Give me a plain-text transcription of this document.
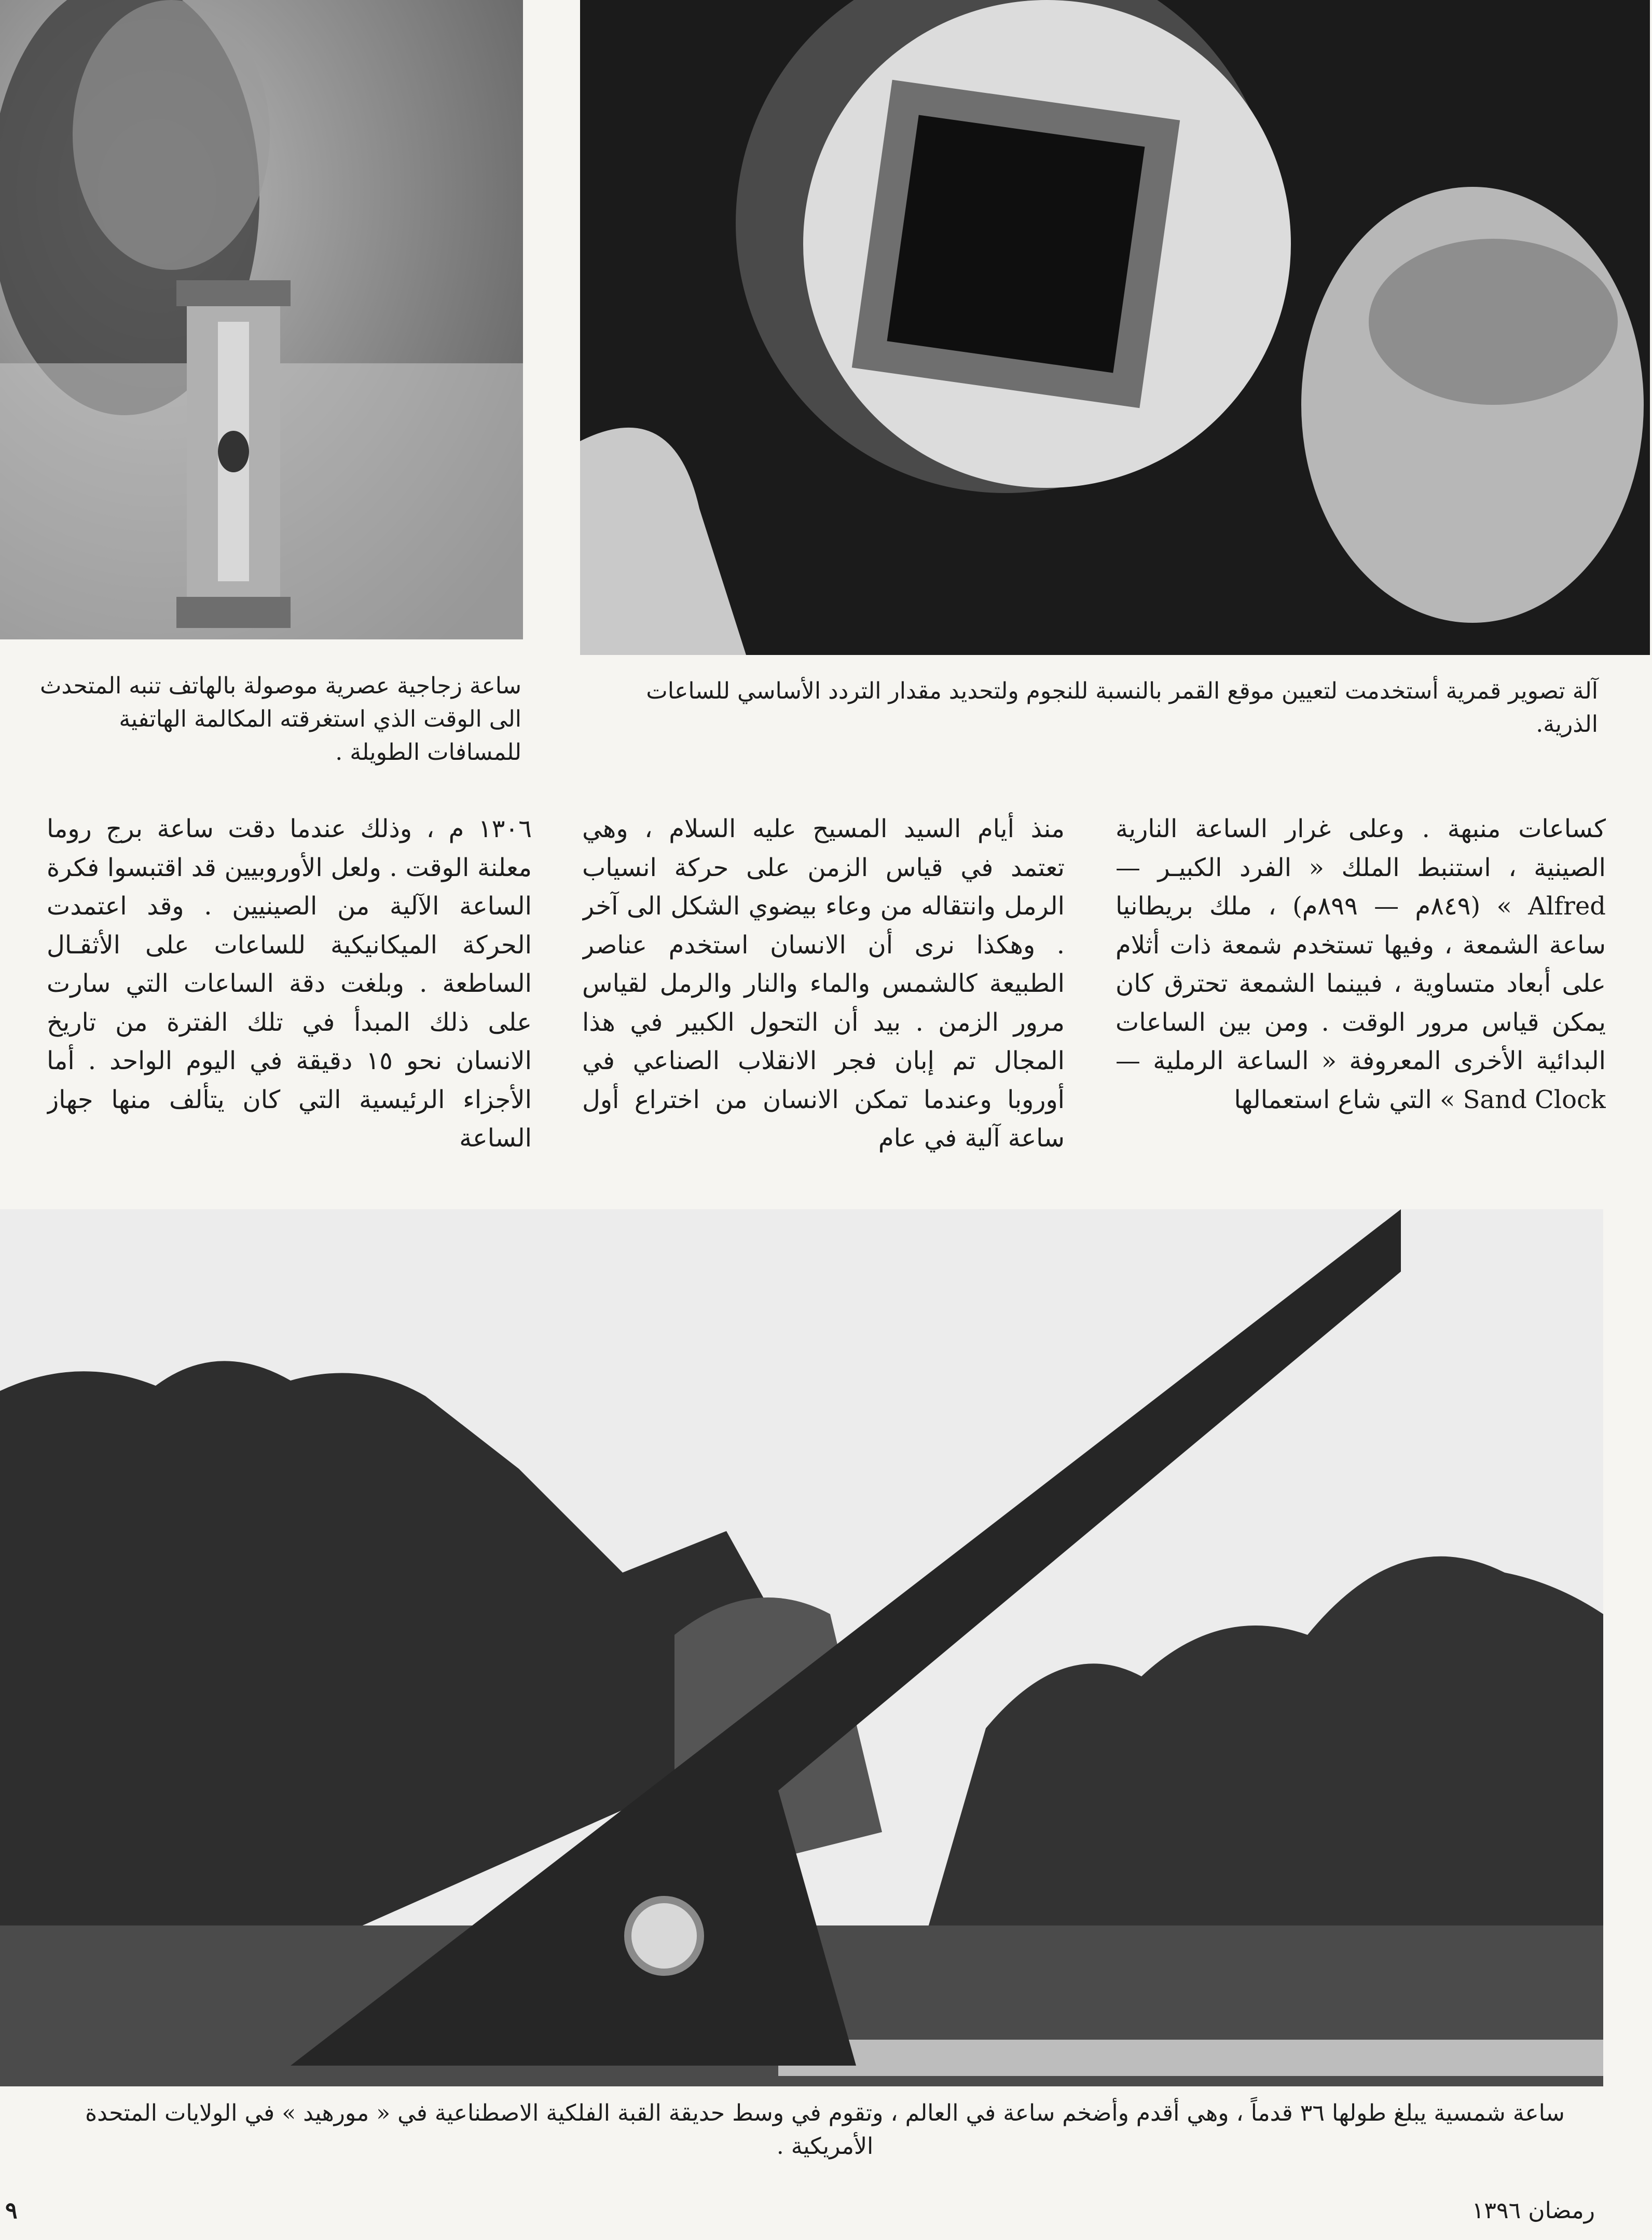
ساعة زجاجية عصرية موصولة بالهاتف تنبه المتحدث الى الوقت الذي استغرقته المكالمة الهاتفية للمسافات الطويلة .
آلة تصوير قمرية أستخدمت لتعيين موقع القمر بالنسبة للنجوم ولتحديد مقدار التردد الأساسي للساعات الذرية.
كساعات منبهة . وعلى غرار الساعة النارية الصينية ، استنبط الملك « الفرد الكبيـر — Alfred » (٨٤٩م — ٨٩٩م) ، ملك بريطانيا ساعة الشمعة ، وفيها تستخدم شمعة ذات أثلام على أبعاد متساوية ، فبينما الشمعة تحترق كان يمكن قياس مرور الوقت . ومن بين الساعات البدائية الأخرى المعروفة « الساعة الرملية — Sand Clock » التي شاع استعمالها
منذ أيام السيد المسيح عليه السلام ، وهي تعتمد في قياس الزمن على حركة انسياب الرمل وانتقاله من وعاء بيضوي الشكل الى آخر . وهكذا نرى أن الانسان استخدم عناصر الطبيعة كالشمس والماء والنار والرمل لقياس مرور الزمن . بيد أن التحول الكبير في هذا المجال تم إبان فجر الانقلاب الصناعي في أوروبا وعندما تمكن الانسان من اختراع أول ساعة آلية في عام
١٣٠٦ م ، وذلك عندما دقت ساعة برج روما معلنة الوقت . ولعل الأوروبيين قد اقتبسوا فكرة الساعة الآلية من الصينيين . وقد اعتمدت الحركة الميكانيكية للساعات على الأثقـال الساطعة . وبلغت دقة الساعات التي سارت على ذلك المبدأ في تلك الفترة من تاريخ الانسان نحو ١٥ دقيقة في اليوم الواحد . أما الأجزاء الرئيسية التي كان يتألف منها جهاز الساعة
ساعة شمسية يبلغ طولها ٣٦ قدماً ، وهي أقدم وأضخم ساعة في العالم ، وتقوم في وسط حديقة القبة الفلكية الاصطناعية في « مورهيد » في الولايات المتحدة الأمريكية .
رمضان ١٣٩٦
٩
